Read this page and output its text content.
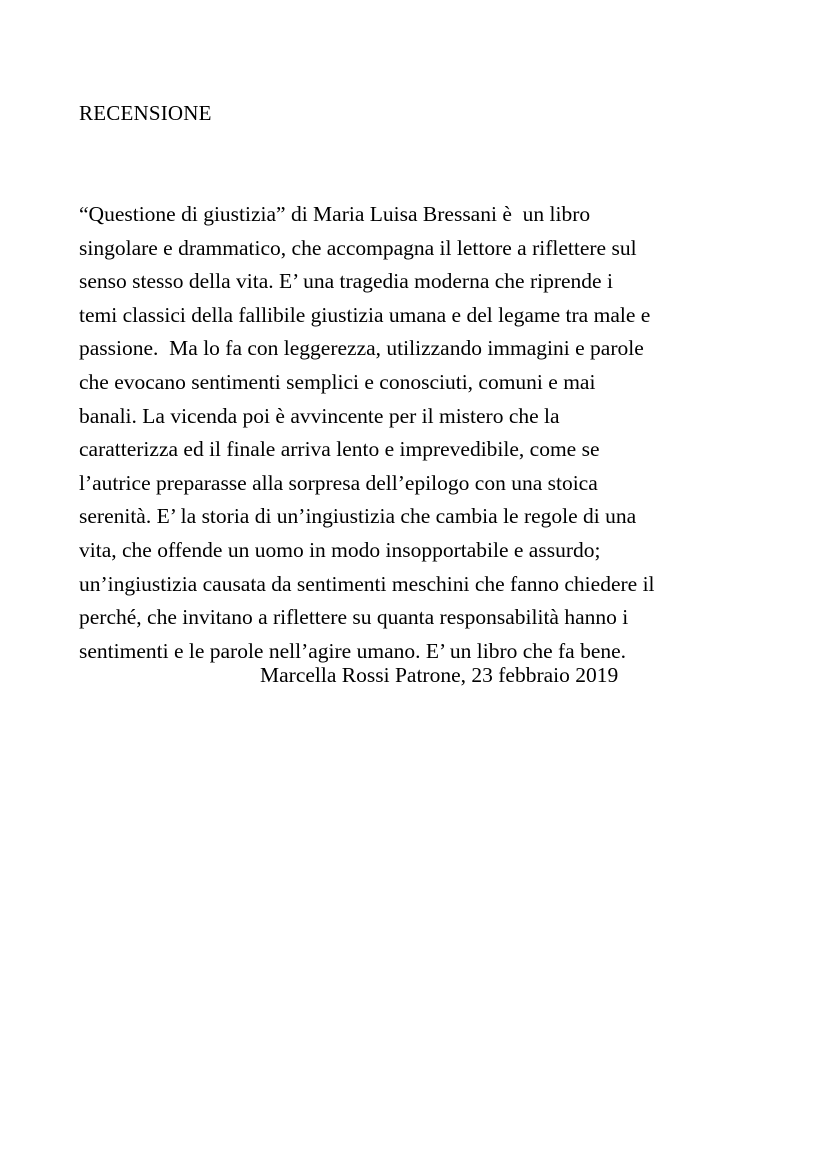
RECENSIONE
“Questione di giustizia” di Maria Luisa Bressani è  un libro
singolare e drammatico, che accompagna il lettore a riflettere sul
senso stesso della vita. E’ una tragedia moderna che riprende i
temi classici della fallibile giustizia umana e del legame tra male e
passione.  Ma lo fa con leggerezza, utilizzando immagini e parole
che evocano sentimenti semplici e conosciuti, comuni e mai
banali. La vicenda poi è avvincente per il mistero che la
caratterizza ed il finale arriva lento e imprevedibile, come se
l’autrice preparasse alla sorpresa dell’epilogo con una stoica
serenità. E’ la storia di un’ingiustizia che cambia le regole di una
vita, che offende un uomo in modo insopportabile e assurdo;
un’ingiustizia causata da sentimenti meschini che fanno chiedere il
perché, che invitano a riflettere su quanta responsabilità hanno i
sentimenti e le parole nell’agire umano. E’ un libro che fa bene.
Marcella Rossi Patrone, 23 febbraio 2019
